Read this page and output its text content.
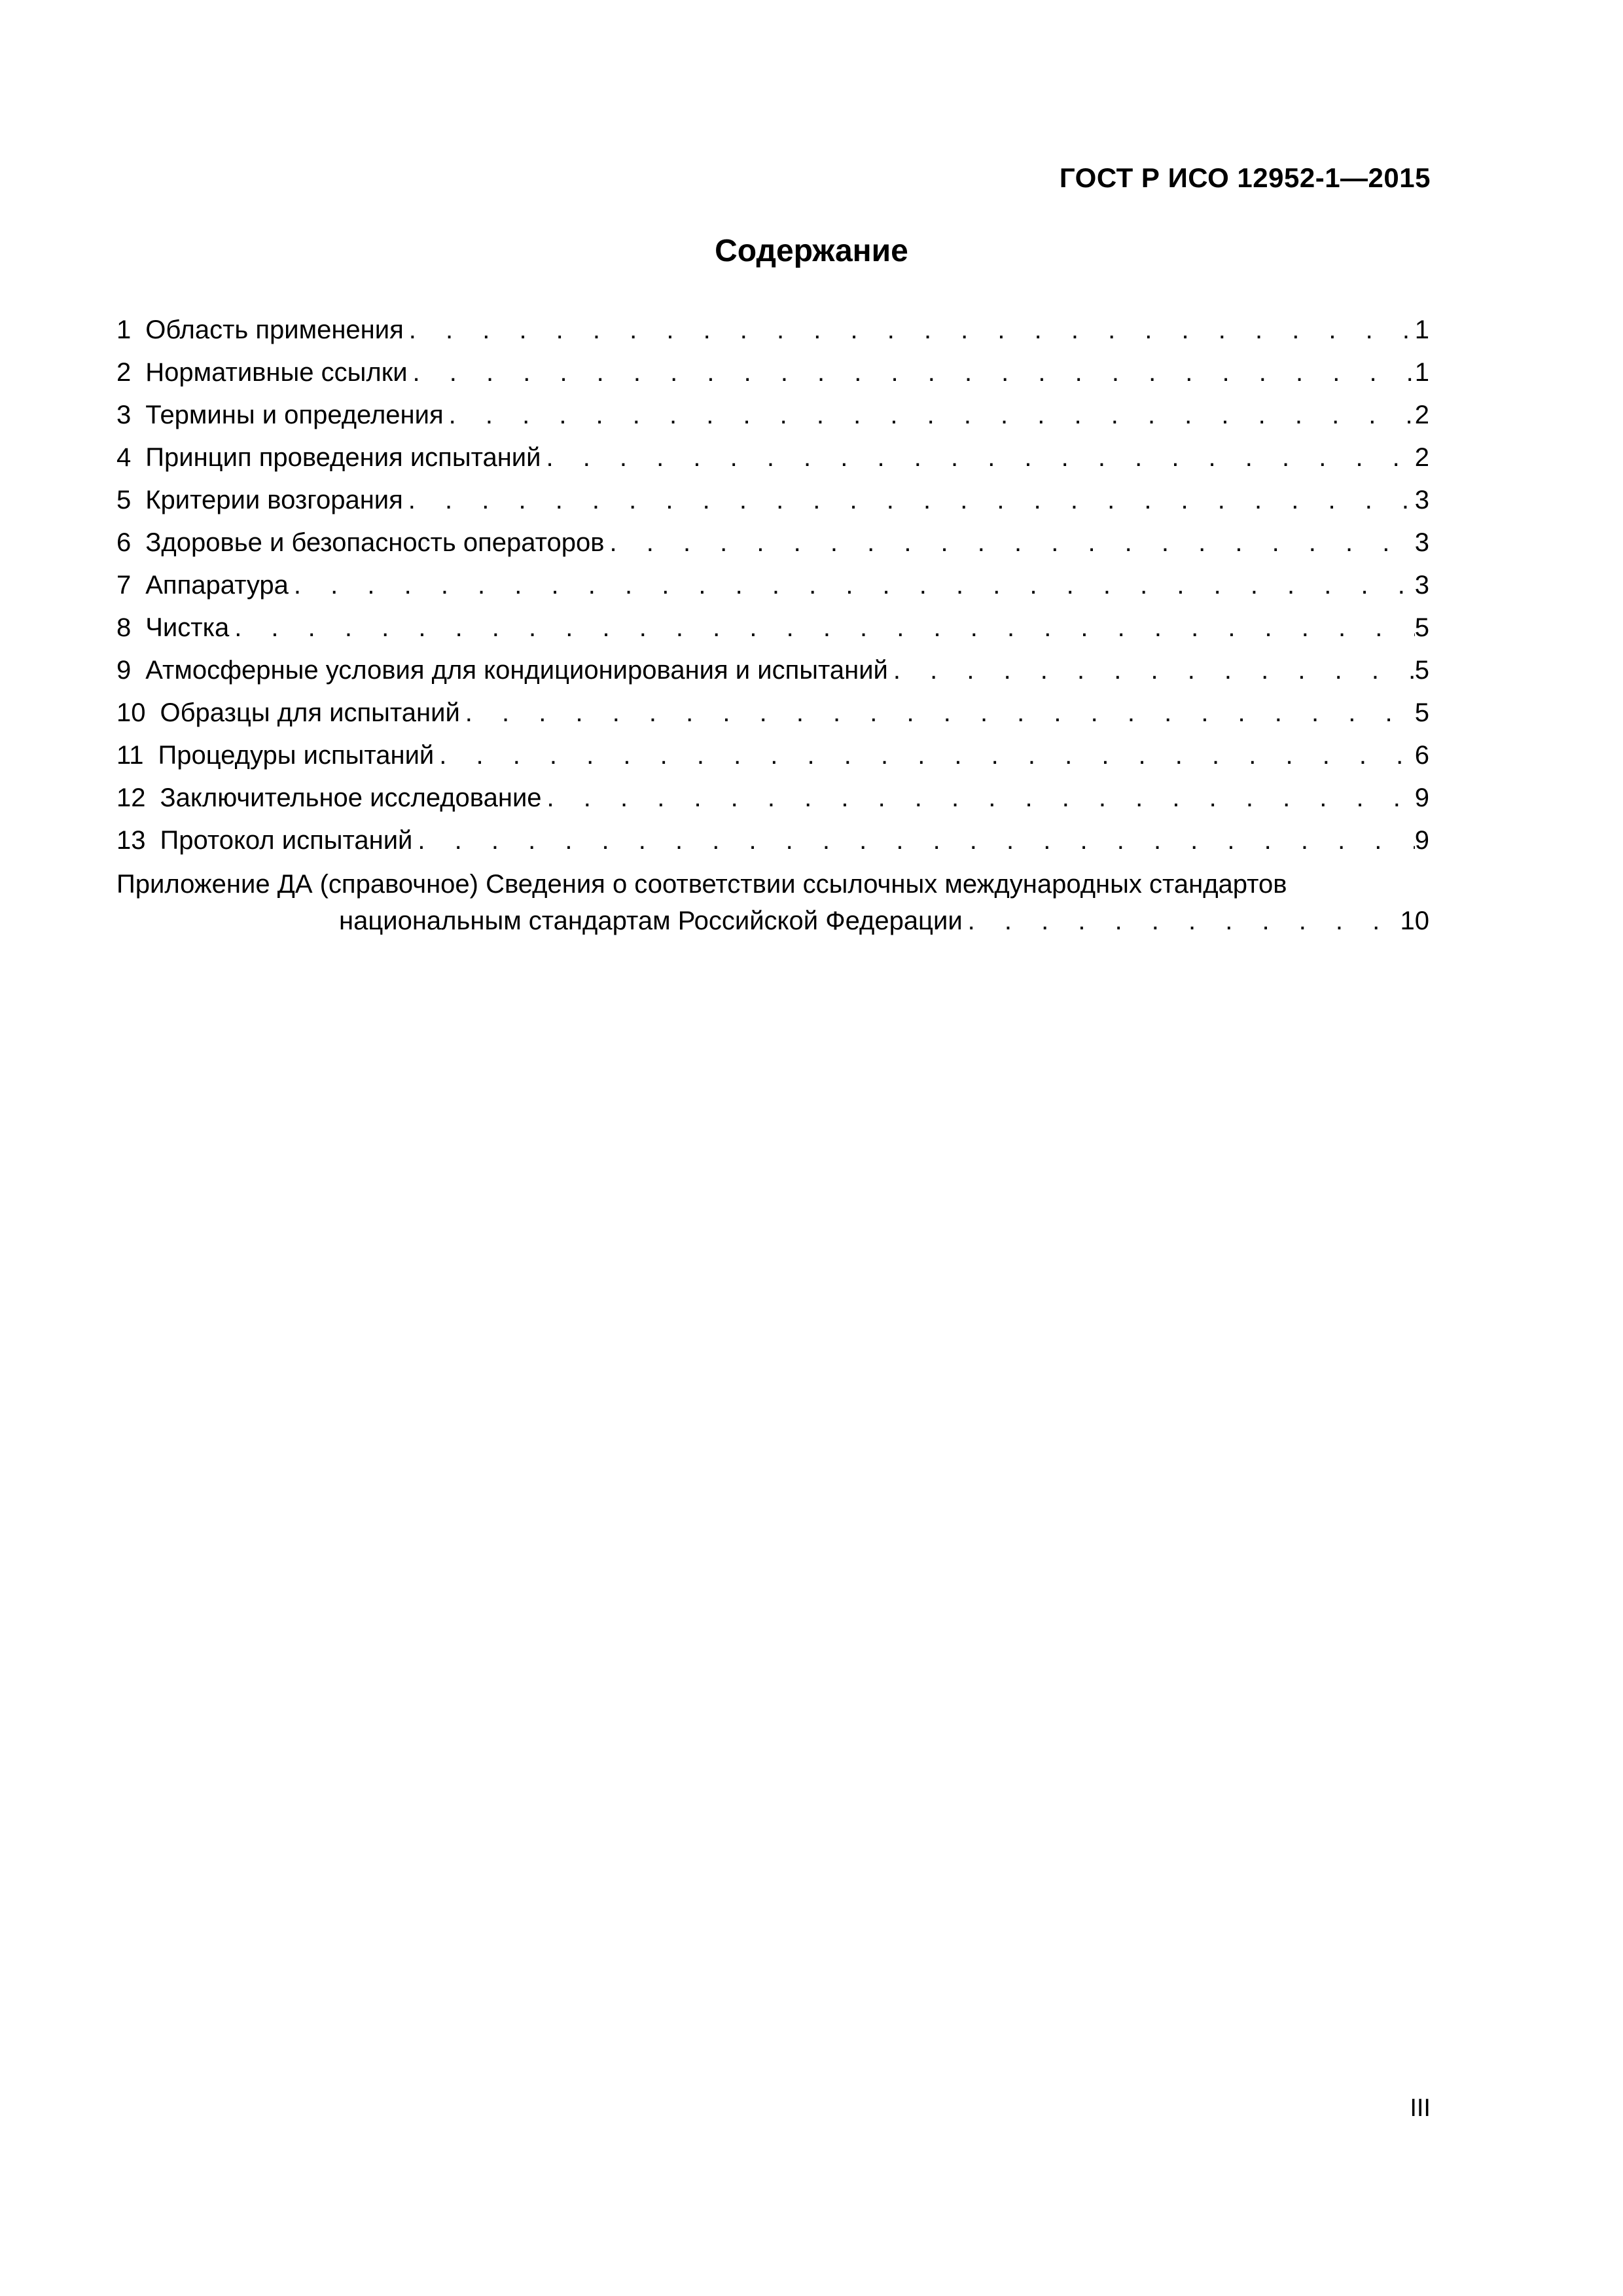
ГОСТ Р ИСО 12952-1—2015
Содержание
1 Область применения . . .	1
2 Нормативные ссылки . . .	1
3 Термины и определения . . .	2
4 Принцип проведения испытаний . . .	2
5 Критерии возгорания . . .	3
6 Здоровье и безопасность операторов . . .	3
7 Аппаратура . . .	3
8 Чистка . . .	5
9 Атмосферные условия для кондиционирования и испытаний . . .	5
10 Образцы для испытаний . . .	5
11 Процедуры испытаний . . .	6
12 Заключительное исследование . . .	9
13 Протокол испытаний . . .	9
Приложение ДА (справочное) Сведения о соответствии ссылочных международных стандартов
национальным стандартам Российской Федерации . . .	10
III
